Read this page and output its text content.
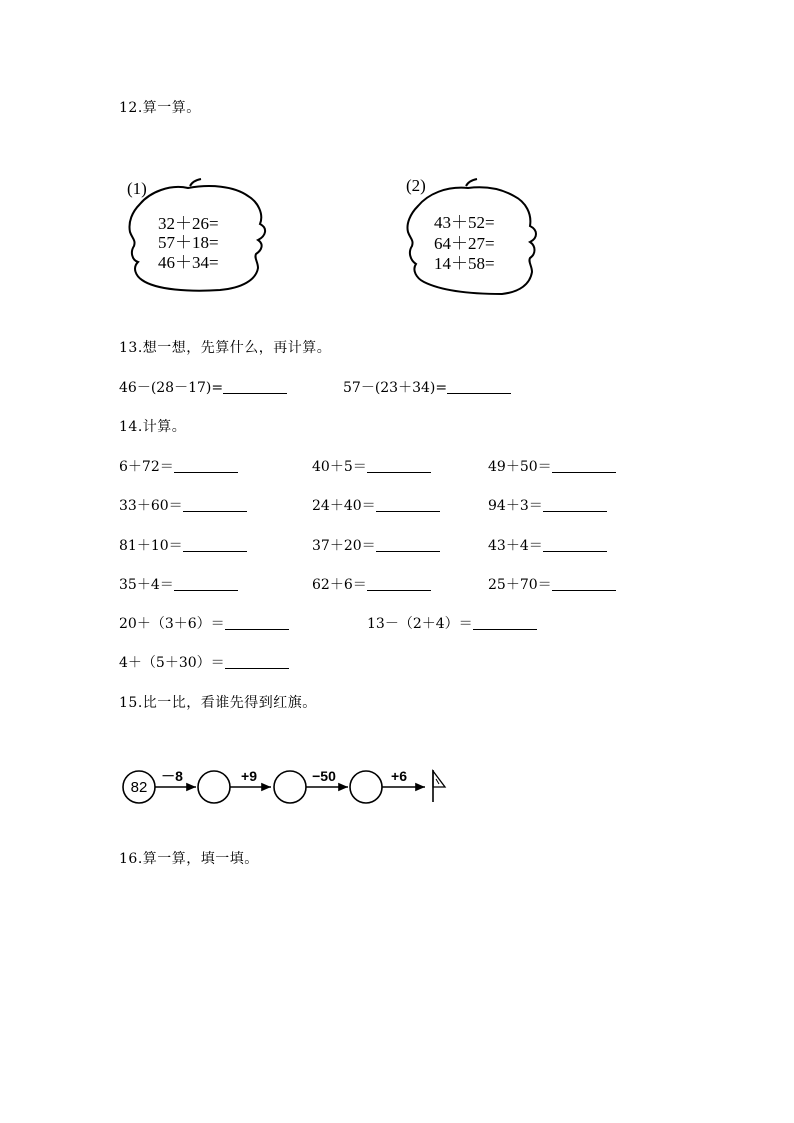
12.算一算。
(1)
32＋26=
57＋18=
46＋34=
(2)
43＋52=
64＋27=
14＋58=
13.想一想，先算什么，再计算。
46－(28－17)=	57－(23＋34)=
14.计算。
6＋72＝	40＋5＝	49＋50＝
33＋60＝	24＋40＝	94＋3＝
81＋10＝	37＋20＝	43＋4＝
35＋4＝	62＋6＝	25＋70＝
20＋（3＋6）＝	13－（2＋4）＝
4＋（5＋30）＝
15.比一比，看谁先得到红旗。
82
－8	+9	−50	+6
16.算一算，填一填。
